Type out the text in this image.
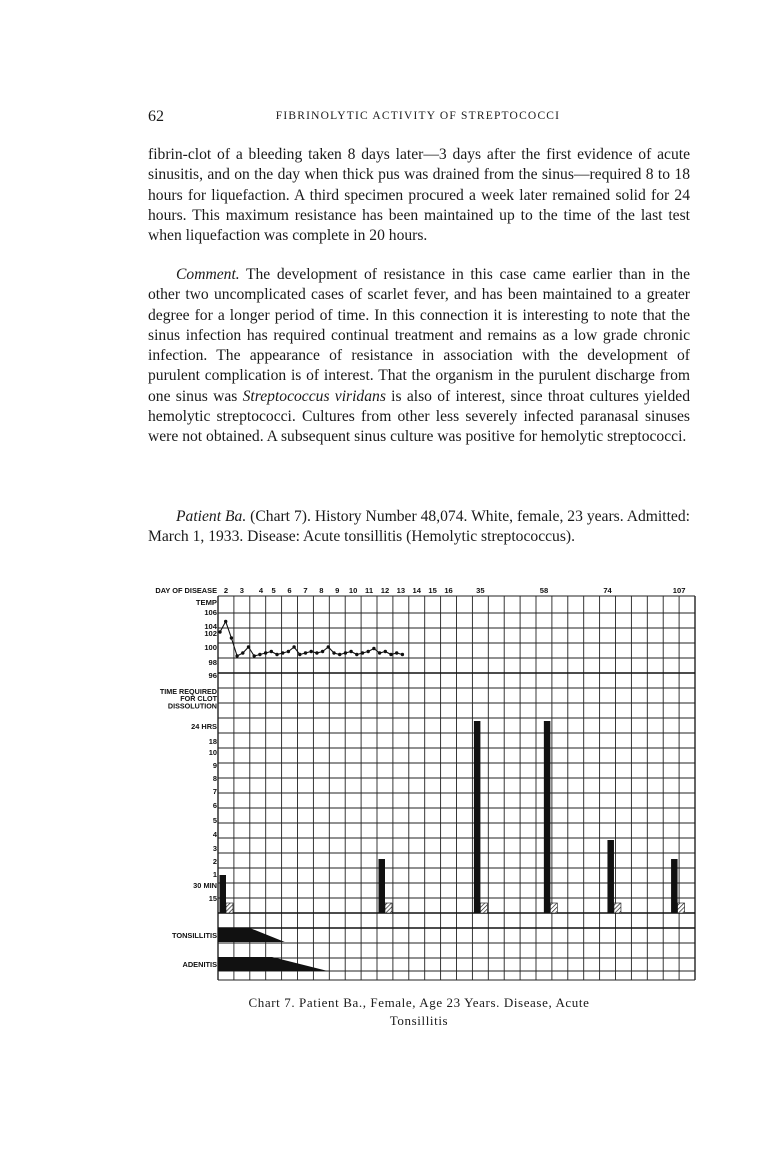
62	FIBRINOLYTIC ACTIVITY OF STREPTOCOCCI

fibrin-clot of a bleeding taken 8 days later—3 days after the first evidence of acute sinusitis, and on the day when thick pus was drained from the sinus—required 8 to 18 hours for liquefaction. A third specimen procured a week later remained solid for 24 hours. This maximum resistance has been maintained up to the time of the last test when liquefaction was complete in 20 hours.

Comment. The development of resistance in this case came earlier than in the other two uncomplicated cases of scarlet fever, and has been maintained to a greater degree for a longer period of time. In this connection it is interesting to note that the sinus infection has required continual treatment and remains as a low grade chronic infection. The appearance of resistance in association with the development of purulent complication is of interest. That the organism in the purulent discharge from one sinus was Streptococcus viridans is also of interest, since throat cultures yielded hemolytic streptococci. Cultures from other less severely infected paranasal sinuses were not obtained. A subsequent sinus culture was positive for hemolytic streptococci.

Patient Ba. (Chart 7). History Number 48,074. White, female, 23 years. Admitted: March 1, 1933. Disease: Acute tonsillitis (Hemolytic streptococcus).

DAY OF DISEASE 2 3 4 5 6 7 8 9 10 11 12 13 14 15 16	35	58	74	107
TEMP
106
104
102
100
98
96
TIME REQUIRED
FOR CLOT
DISSOLUTION
24 HRS
18
10
9
8
7
6
5
4
3
2
1
30 MIN
15
TONSILLITIS
ADENITIS
Chart 7. Patient Ba., Female, Age 23 Years. Disease, Acute
Tonsillitis
